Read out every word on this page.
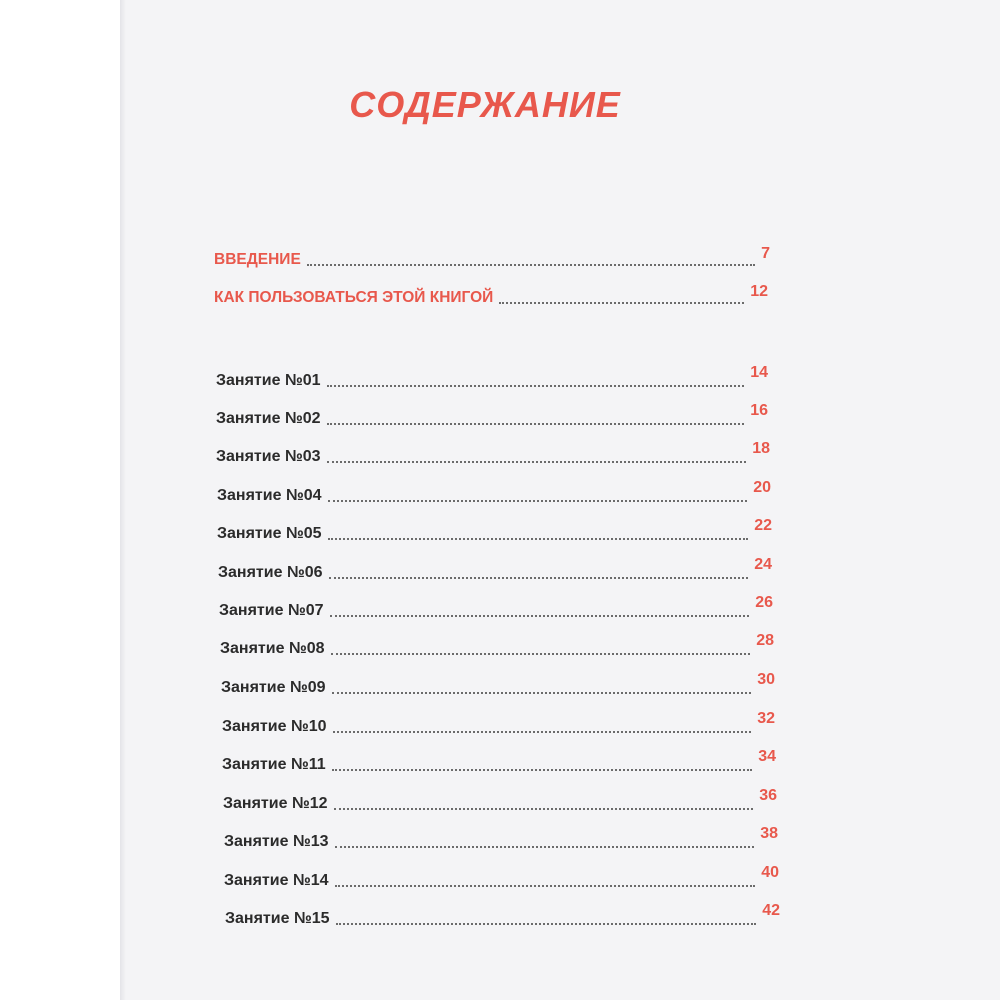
СОДЕРЖАНИЕ
ВВЕДЕНИЕ	7
КАК ПОЛЬЗОВАТЬСЯ ЭТОЙ КНИГОЙ	12
Занятие №01	14
Занятие №02	16
Занятие №03	18
Занятие №04	20
Занятие №05	22
Занятие №06	24
Занятие №07	26
Занятие №08	28
Занятие №09	30
Занятие №10	32
Занятие №11	34
Занятие №12	36
Занятие №13	38
Занятие №14	40
Занятие №15	42
